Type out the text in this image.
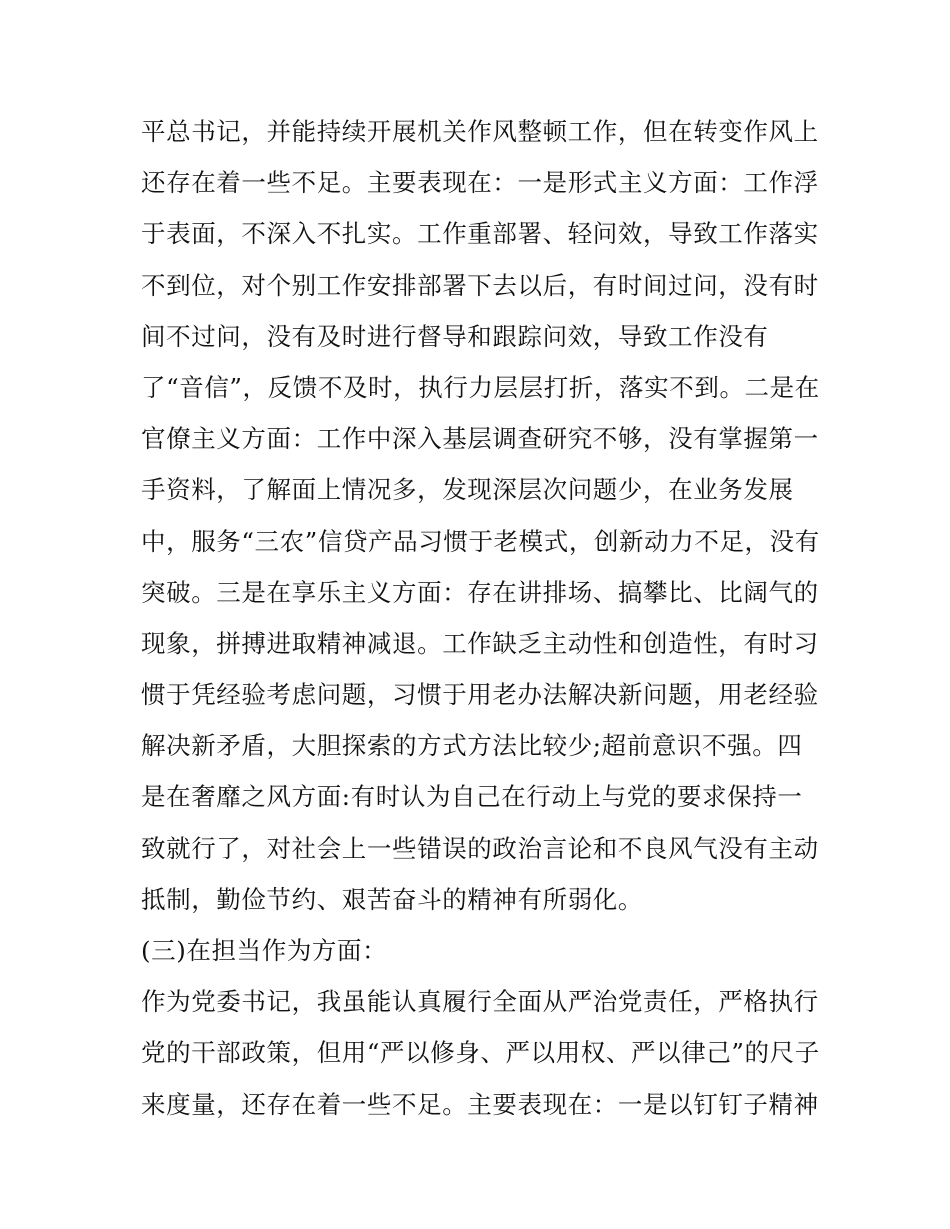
平总书记，并能持续开展机关作风整顿工作，但在转变作风上
还存在着一些不足。主要表现在：一是形式主义方面：工作浮
于表面，不深入不扎实。工作重部署、轻问效，导致工作落实
不到位，对个别工作安排部署下去以后，有时间过问，没有时
间不过问，没有及时进行督导和跟踪问效，导致工作没有
了“音信”，反馈不及时，执行力层层打折，落实不到。二是在
官僚主义方面：工作中深入基层调查研究不够，没有掌握第一
手资料，了解面上情况多，发现深层次问题少，在业务发展
中，服务“三农”信贷产品习惯于老模式，创新动力不足，没有
突破。三是在享乐主义方面：存在讲排场、搞攀比、比阔气的
现象，拼搏进取精神减退。工作缺乏主动性和创造性，有时习
惯于凭经验考虑问题，习惯于用老办法解决新问题，用老经验
解决新矛盾，大胆探索的方式方法比较少;超前意识不强。四
是在奢靡之风方面:有时认为自己在行动上与党的要求保持一
致就行了，对社会上一些错误的政治言论和不良风气没有主动
抵制，勤俭节约、艰苦奋斗的精神有所弱化。
(三)在担当作为方面：
作为党委书记，我虽能认真履行全面从严治党责任，严格执行
党的干部政策，但用“严以修身、严以用权、严以律己”的尺子
来度量，还存在着一些不足。主要表现在：一是以钉钉子精神
